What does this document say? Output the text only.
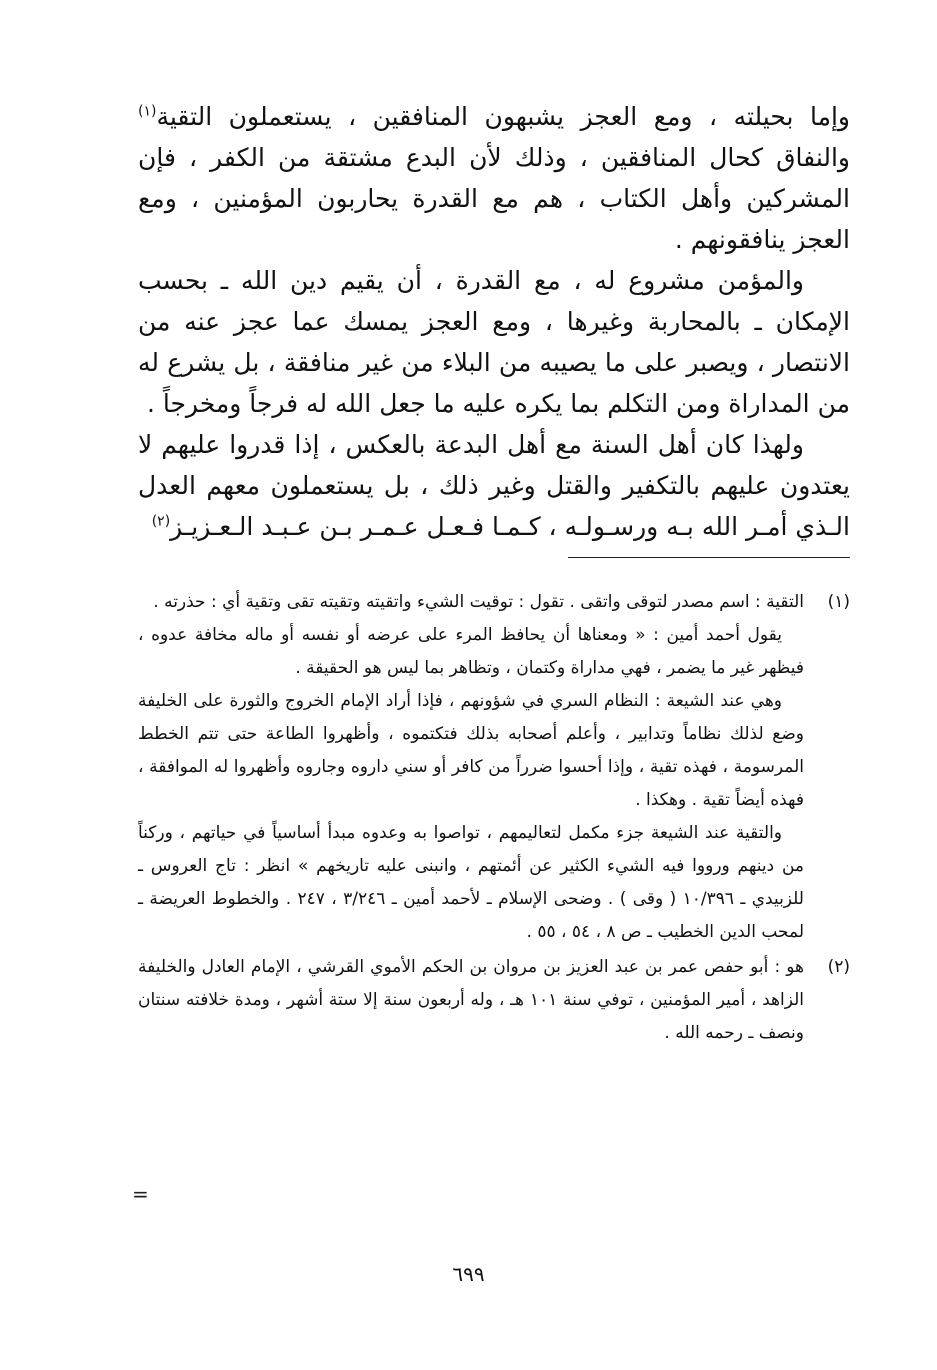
وإما بحيلته ، ومع العجز يشبهون المنافقين ، يستعملون التقية$^{(١)}$ والنفاق كحال المنافقين ، وذلك لأن البدع مشتقة من الكفر ، فإن المشركين وأهل الكتاب ، هم مع القدرة يحاربون المؤمنين ، ومع العجز ينافقونهم .

والمؤمن مشروع له ، مع القدرة ، أن يقيم دين الله ـ بحسب الإمكان ـ بالمحاربة وغيرها ، ومع العجز يمسك عما عجز عنه من الانتصار ، ويصبر على ما يصيبه من البلاء من غير منافقة ، بل يشرع له من المداراة ومن التكلم بما يكره عليه ما جعل الله له فرجاً ومخرجاً .

ولهذا كان أهل السنة مع أهل البدعة بالعكس ، إذا قدروا عليهم لا يعتدون عليهم بالتكفير والقتل وغير ذلك ، بل يستعملون معهم العدل الـذي أمـر الله بـه ورسـولـه ، كـمـا فـعـل عـمـر بـن عـبـد الـعـزيـز$^{(٢)}$

(١)

التقية : اسم مصدر لتوقى واتقى . تقول : توقيت الشيء واتقيته وتقيته تقى وتقية أي : حذرته .

يقول أحمد أمين : « ومعناها أن يحافظ المرء على عرضه أو نفسه أو ماله مخافة عدوه ، فيظهر غير ما يضمر ، فهي مداراة وكتمان ، وتظاهر بما ليس هو الحقيقة .

وهي عند الشيعة : النظام السري في شؤونهم ، فإذا أراد الإمام الخروج والثورة على الخليفة وضع لذلك نظاماً وتدابير ، وأعلم أصحابه بذلك فتكتموه ، وأظهروا الطاعة حتى تتم الخطط المرسومة ، فهذه تقية ، وإذا أحسوا ضرراً من كافر أو سني داروه وجاروه وأظهروا له الموافقة ، فهذه أيضاً تقية . وهكذا .

والتقية عند الشيعة جزء مكمل لتعاليمهم ، تواصوا به وعدوه مبدأ أساسياً في حياتهم ، وركناً من دينهم ورووا فيه الشيء الكثير عن أئمتهم ، وانبنى عليه تاريخهم » انظر : تاج العروس ـ للزبيدي ـ ١٠/٣٩٦ ( وقى ) . وضحى الإسلام ـ لأحمد أمين ـ ٣/٢٤٦ ، ٢٤٧ . والخطوط العريضة ـ لمحب الدين الخطيب ـ ص ٨ ، ٥٤ ، ٥٥ .

(٢)

هو : أبو حفص عمر بن عبد العزيز بن مروان بن الحكم الأموي القرشي ، الإمام العادل والخليفة الزاهد ، أمير المؤمنين ، توفي سنة ١٠١ هـ ، وله أربعون سنة إلا ستة أشهر ، ومدة خلافته سنتان ونصف ـ رحمه الله .

=
٦٩٩
